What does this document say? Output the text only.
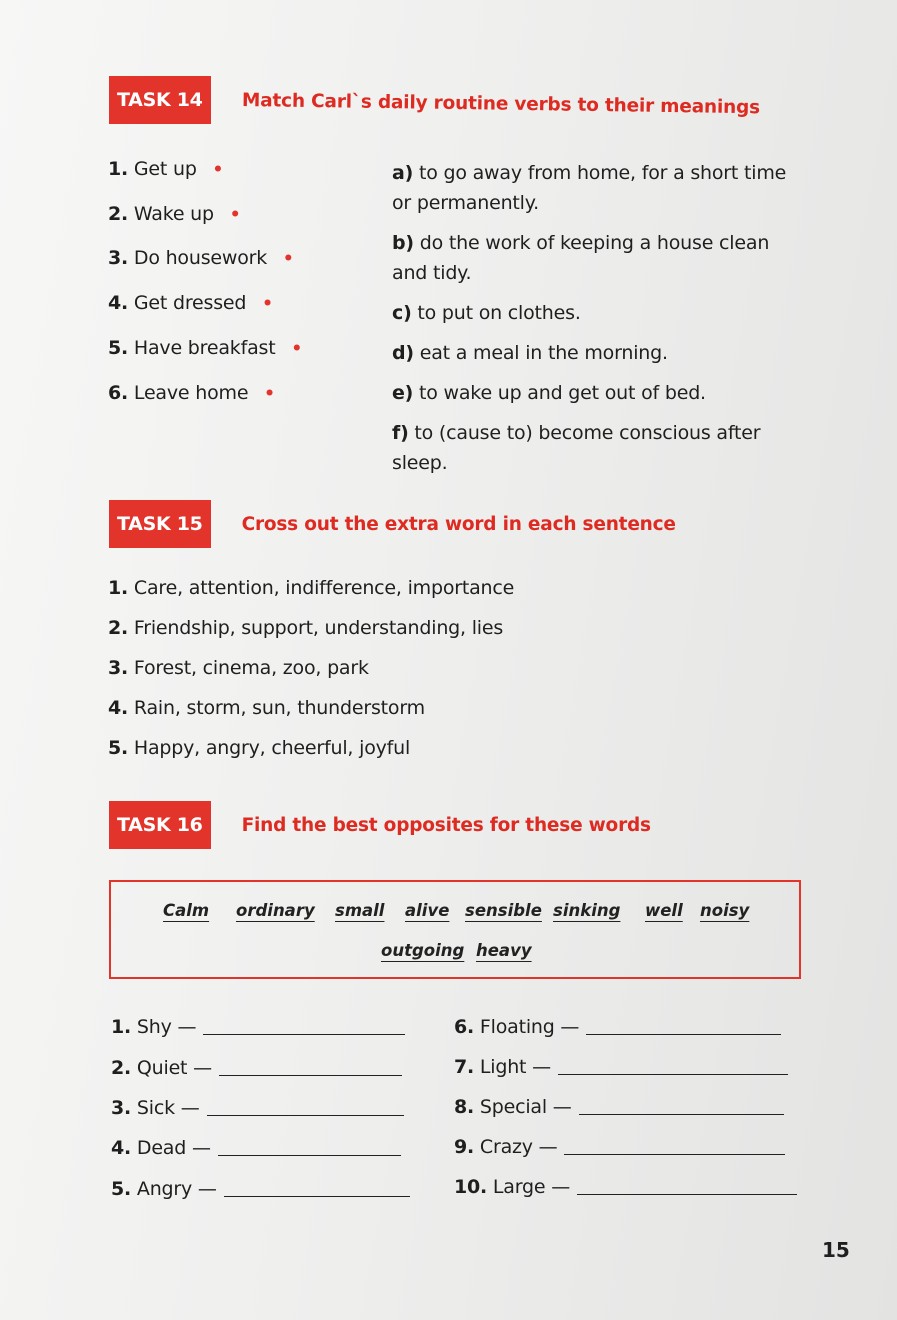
TASK 14	Match Carl`s daily routine verbs to their meanings
1. Get up •
2. Wake up •
3. Do housework •
4. Get dressed •
5. Have breakfast •
6. Leave home •

a) to go away from home, for a short time or permanently.

b) do the work of keeping a house clean and tidy.

c) to put on clothes.

d) eat a meal in the morning.

e) to wake up and get out of bed.

f) to (cause to) become conscious after sleep.

TASK 15	Cross out the extra word in each sentence
1. Care, attention, indifference, importance
2. Friendship, support, understanding, lies
3. Forest, cinema, zoo, park
4. Rain, storm, sun, thunderstorm
5. Happy, angry, cheerful, joyful
TASK 16	Find the best opposites for these words
Calm ordinary small alive sensible sinking well noisy
outgoing heavy
1.
Shy —
2.
Quiet —
3.
Sick —
4.
Dead —
5.
Angry —
6.
Floating —
7.
Light —
8.
Special —
9.
Crazy —
10.
Large —
15
